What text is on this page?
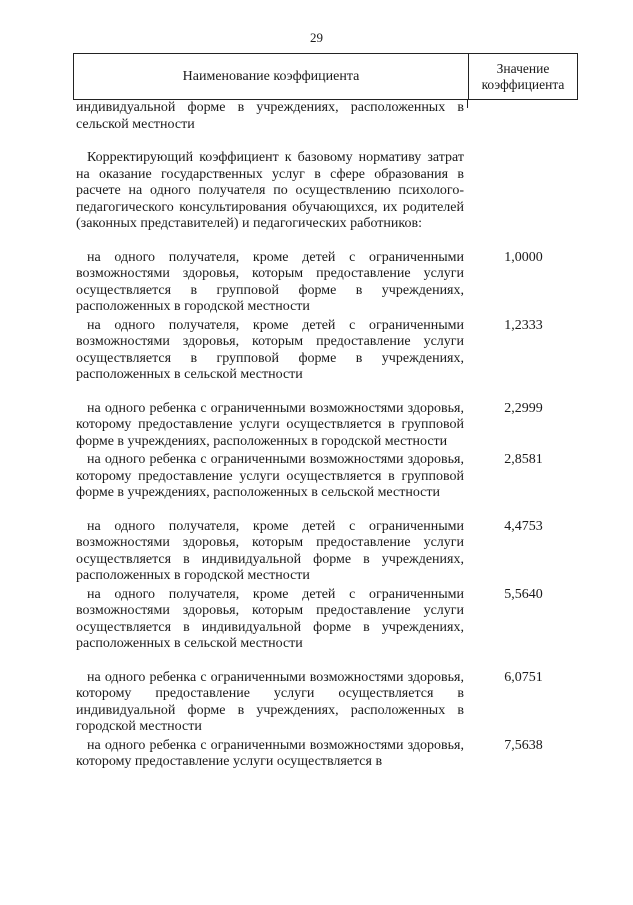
29
Наименование коэффициента
Значение
коэффициента
индивидуальной форме в учреждениях, расположенных в сельской местности
Корректирующий коэффициент к базовому нормативу затрат на оказание государственных услуг в сфере образования в расчете на одного получателя по осуществлению психолого-педагогического консультирования обучающихся, их родителей (законных представителей) и педагогических работников:
на одного получателя, кроме детей с ограниченными возможностями здоровья, которым предоставление услуги осуществляется в групповой форме в учреждениях, расположенных в городской местности
1,0000
на одного получателя, кроме детей с ограниченными возможностями здоровья, которым предоставление услуги осуществляется в групповой форме в учреждениях, расположенных в сельской местности
1,2333
на одного ребенка с ограниченными возможностями здоровья, которому предоставление услуги осуществляется в групповой форме в учреждениях, расположенных в городской местности
2,2999
на одного ребенка с ограниченными возможностями здоровья, которому предоставление услуги осуществляется в групповой форме в учреждениях, расположенных в сельской местности
2,8581
на одного получателя, кроме детей с ограниченными возможностями здоровья, которым предоставление услуги осуществляется в индивидуальной форме в учреждениях, расположенных в городской местности
4,4753
на одного получателя, кроме детей с ограниченными возможностями здоровья, которым предоставление услуги осуществляется в индивидуальной форме в учреждениях, расположенных в сельской местности
5,5640
на одного ребенка с ограниченными возможностями здоровья, которому предоставление услуги осуществляется в индивидуальной форме в учреждениях, расположенных в городской местности
6,0751
на одного ребенка с ограниченными возможностями здоровья, которому предоставление услуги осуществляется в
7,5638
